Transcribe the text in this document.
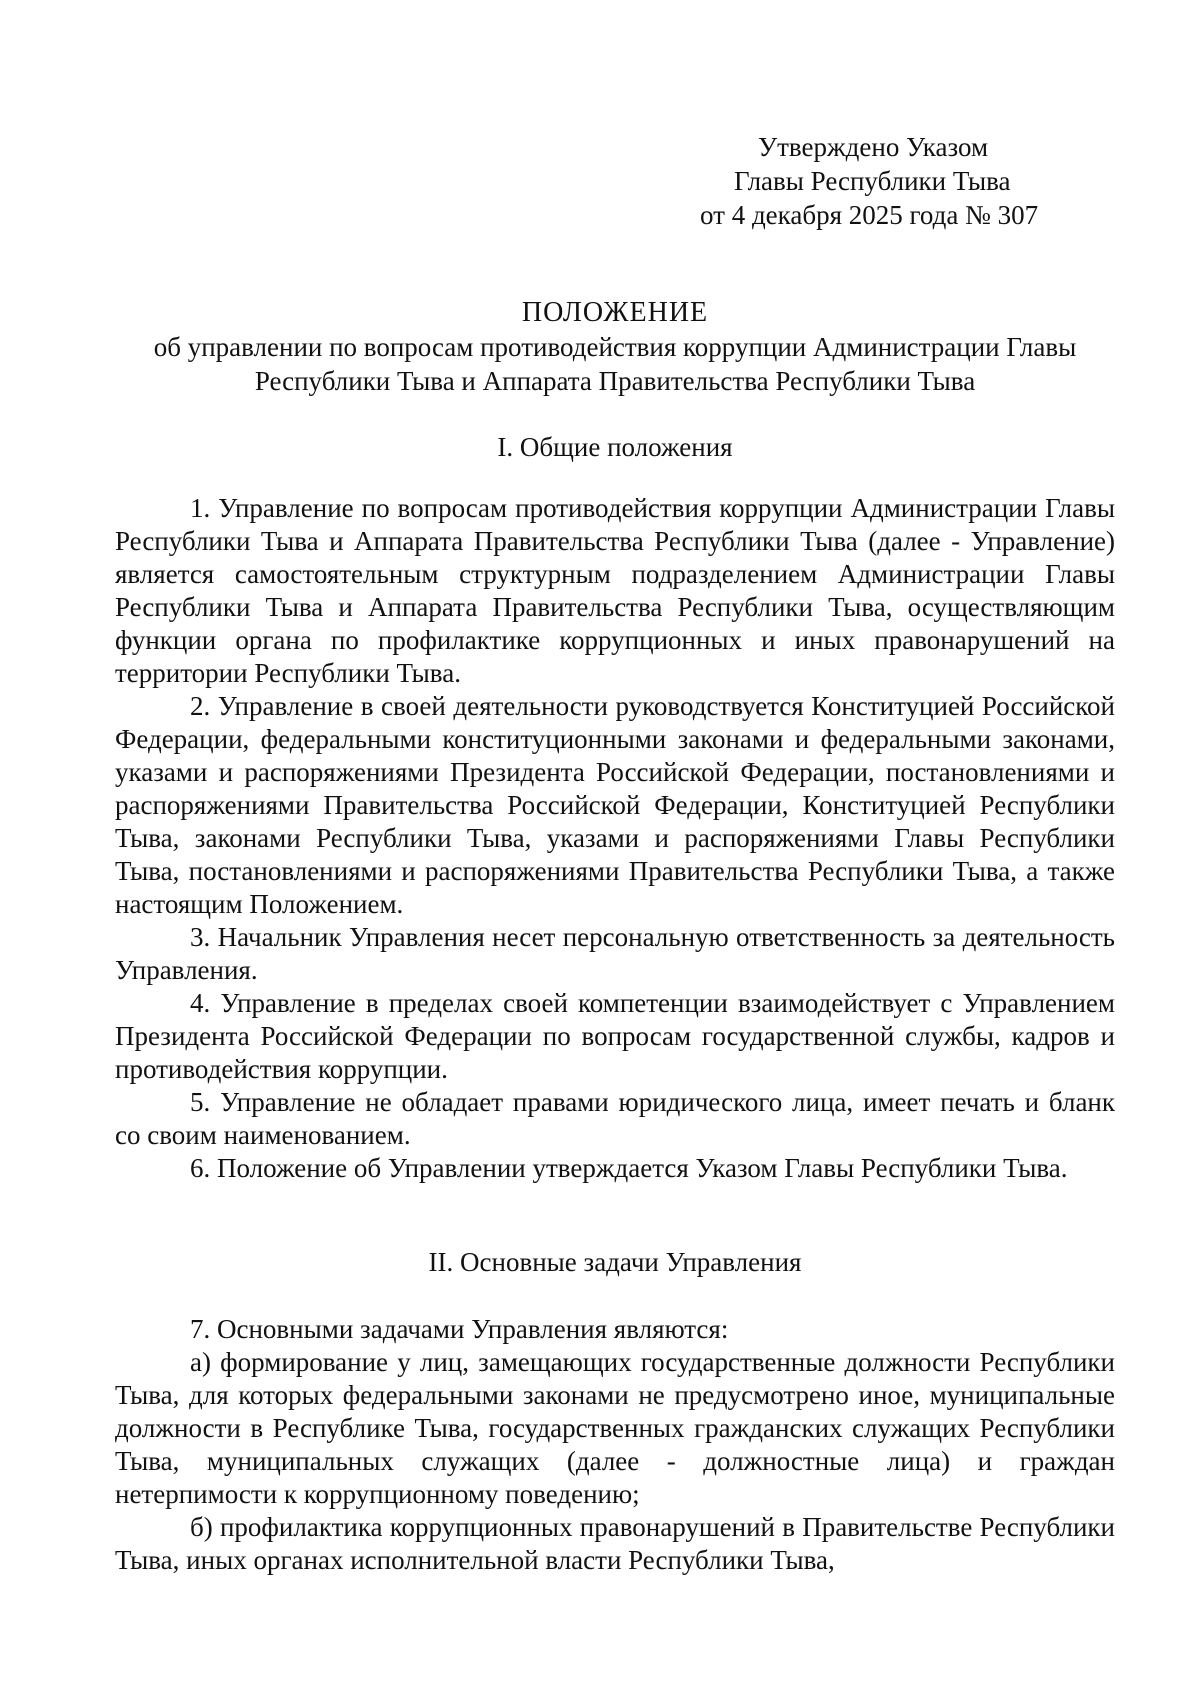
Утверждено Указом
Главы Республики Тыва
от 4 декабря 2025 года № 307
ПОЛОЖЕНИЕ
об управлении по вопросам противодействия коррупции Администрации Главы
Республики Тыва и Аппарата Правительства Республики Тыва
I. Общие положения

1. Управление по вопросам противодействия коррупции Администрации Главы Республики Тыва и Аппарата Правительства Республики Тыва (далее - Управление) является самостоятельным структурным подразделением Администрации Главы Республики Тыва и Аппарата Правительства Республики Тыва, осуществляющим функции органа по профилактике коррупционных и иных правонарушений на территории Республики Тыва.

2. Управление в своей деятельности руководствуется Конституцией Российской Федерации, федеральными конституционными законами и федеральными законами, указами и распоряжениями Президента Российской Федерации, постановлениями и распоряжениями Правительства Российской Федерации, Конституцией Республики Тыва, законами Республики Тыва, указами и распоряжениями Главы Республики Тыва, постановлениями и распоряжениями Правительства Республики Тыва, а также настоящим Положением.

3. Начальник Управления несет персональную ответственность за деятельность Управления.

4. Управление в пределах своей компетенции взаимодействует с Управлением Президента Российской Федерации по вопросам государственной службы, кадров и противодействия коррупции.

5. Управление не обладает правами юридического лица, имеет печать и бланк со своим наименованием.

6. Положение об Управлении утверждается Указом Главы Республики Тыва.

II. Основные задачи Управления

7. Основными задачами Управления являются:

а) формирование у лиц, замещающих государственные должности Республики Тыва, для которых федеральными законами не предусмотрено иное, муниципальные должности в Республике Тыва, государственных гражданских служащих Республики Тыва, муниципальных служащих (далее - должностные лица) и граждан нетерпимости к коррупционному поведению;

б) профилактика коррупционных правонарушений в Правительстве Республики Тыва, иных органах исполнительной власти Республики Тыва,
